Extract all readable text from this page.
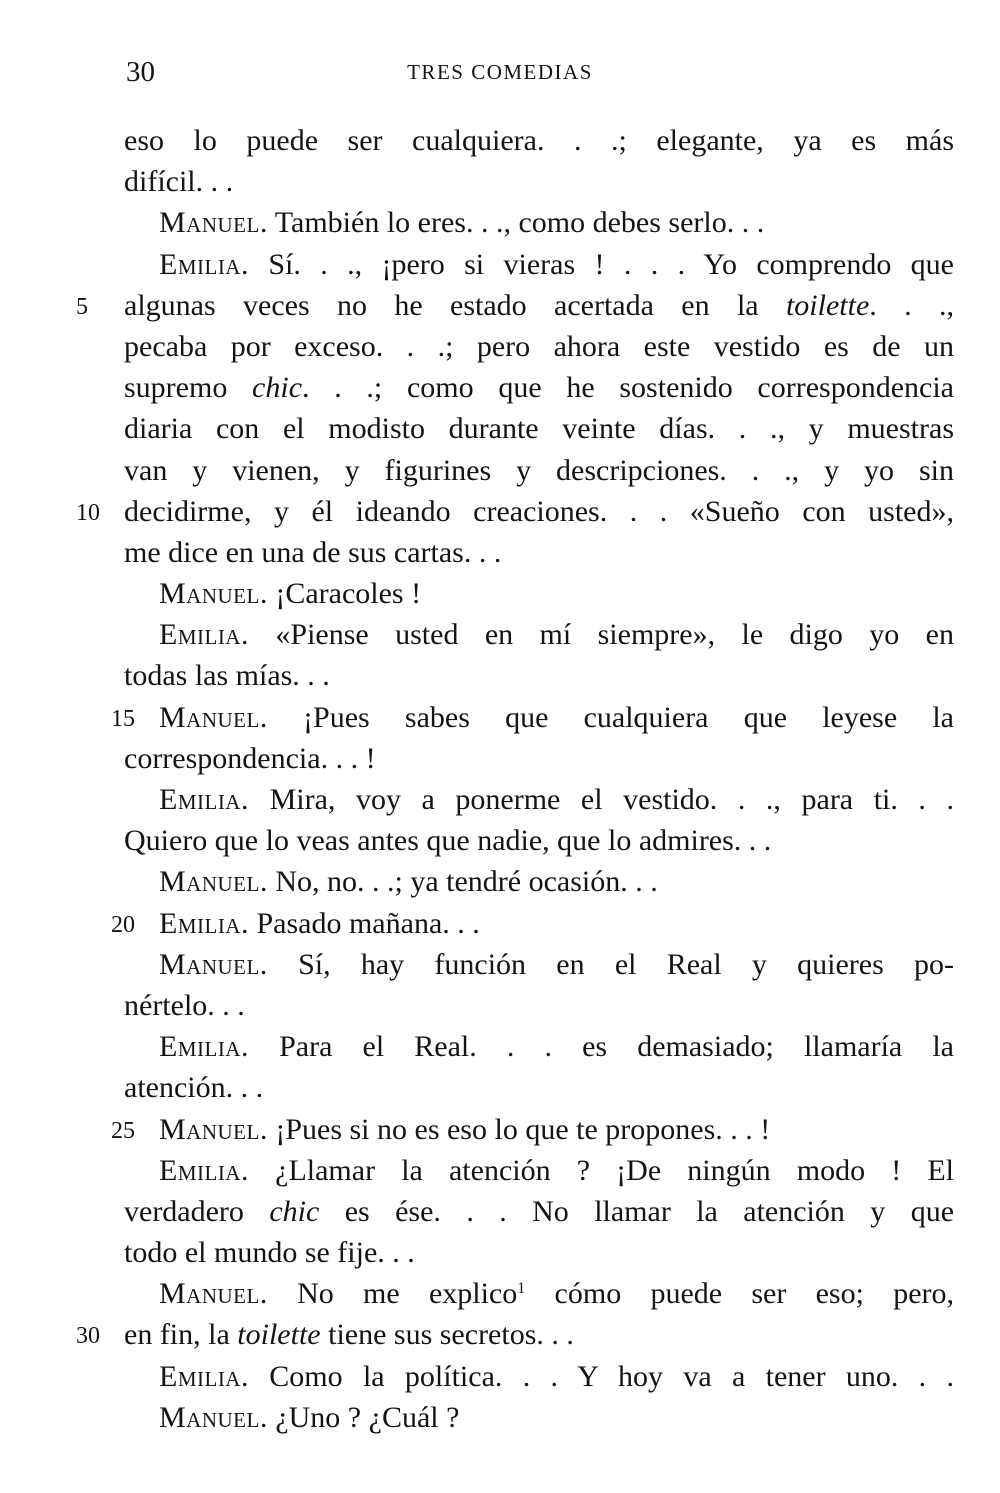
30	TRES COMEDIAS
eso lo puede ser cualquiera. . .; elegante, ya es más
difícil. . .
Manuel. También lo eres. . ., como debes serlo. . .
Emilia. Sí. . ., ¡pero si vieras ! . . . Yo comprendo que
5	algunas veces no he estado acertada en la toilette. . .,
pecaba por exceso. . .; pero ahora este vestido es de un
supremo chic. . .; como que he sostenido correspondencia
diaria con el modisto durante veinte días. . ., y muestras
van y vienen, y figurines y descripciones. . ., y yo sin
10 decidirme, y él ideando creaciones. . . «Sueño con usted»,
me dice en una de sus cartas. . .
Manuel. ¡Caracoles !
Emilia. «Piense usted en mí siempre», le digo yo en
todas las mías. . .
15 Manuel. ¡Pues sabes que cualquiera que leyese la
correspondencia. . . !
Emilia. Mira, voy a ponerme el vestido. . ., para ti. . .
Quiero que lo veas antes que nadie, que lo admires. . .
Manuel. No, no. . .; ya tendré ocasión. . .
20 Emilia. Pasado mañana. . .
Manuel. Sí, hay función en el Real y quieres po-
nértelo. . .
Emilia. Para el Real. . . es demasiado; llamaría la
atención. . .
25 Manuel. ¡Pues si no es eso lo que te propones. . . !
Emilia. ¿Llamar la atención ? ¡De ningún modo ! El
verdadero chic es ése. . . No llamar la atención y que
todo el mundo se fije. . .
Manuel. No me explico$^1$ cómo puede ser eso; pero,
30 en fin, la toilette tiene sus secretos. . .
Emilia. Como la política. . . Y hoy va a tener uno. . .
Manuel. ¿Uno ? ¿Cuál ?
